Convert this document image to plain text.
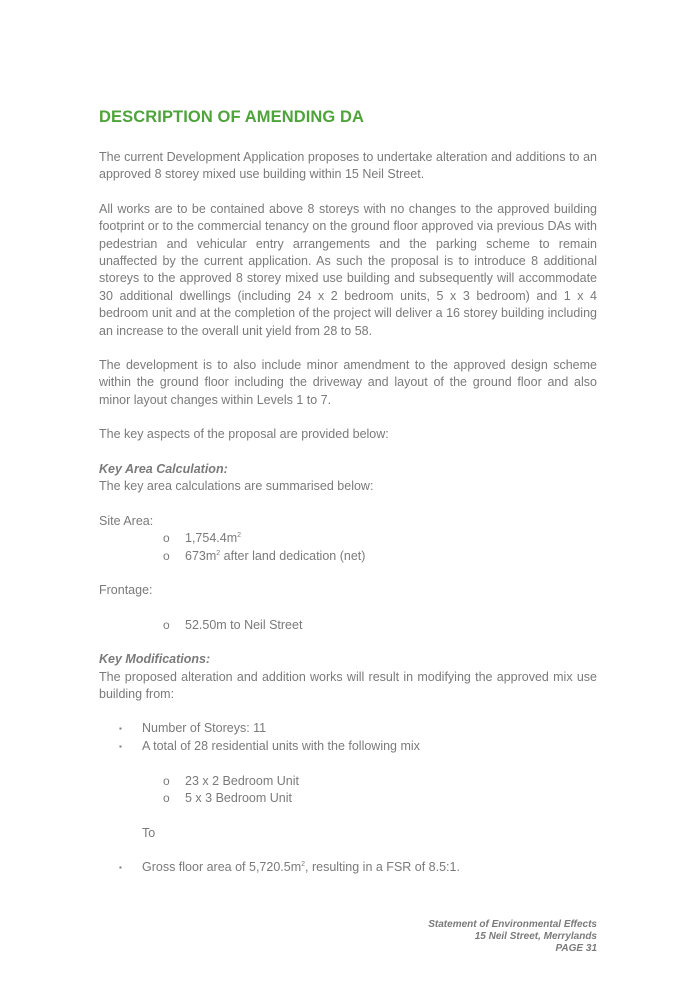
DESCRIPTION OF AMENDING DA

The current Development Application proposes to undertake alteration and additions to an approved 8 storey mixed use building within 15 Neil Street.

All works are to be contained above 8 storeys with no changes to the approved building footprint or to the commercial tenancy on the ground floor approved via previous DAs with pedestrian and vehicular entry arrangements and the parking scheme to remain unaffected by the current application. As such the proposal is to introduce 8 additional storeys to the approved 8 storey mixed use building and subsequently will accommodate 30 additional dwellings (including 24 x 2 bedroom units, 5 x 3 bedroom) and 1 x 4 bedroom unit and at the completion of the project will deliver a 16 storey building including an increase to the overall unit yield from 28 to 58.

The development is to also include minor amendment to the approved design scheme within the ground floor including the driveway and layout of the ground floor and also minor layout changes within Levels 1 to 7.

The key aspects of the proposal are provided below:

Key Area Calculation:

The key area calculations are summarised below:

Site Area:

o $1,754.4m^2$
o $673m^2$ after land dedication (net)

Frontage:

o 52.50m to Neil Street

Key Modifications:

The proposed alteration and addition works will result in modifying the approved mix use building from:

▪ Number of Storeys: 11
▪ A total of 28 residential units with the following mix
o 23 x 2 Bedroom Unit
o 5 x 3 Bedroom Unit

To

▪ Gross floor area of $5,720.5m^2$, resulting in a FSR of 8.5:1.
Statement of Environmental Effects
15 Neil Street, Merrylands
PAGE 31
